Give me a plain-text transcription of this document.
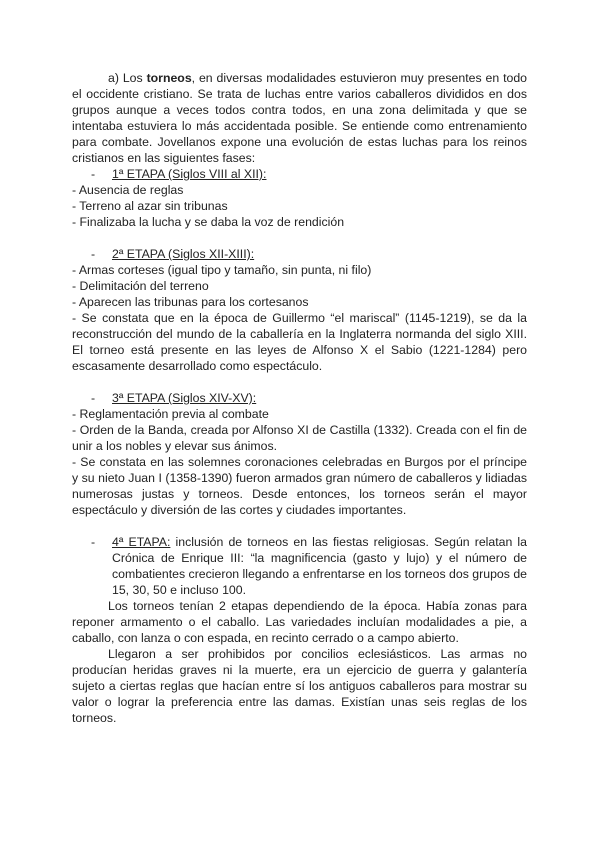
a) Los torneos, en diversas modalidades estuvieron muy presentes en todo el occidente cristiano. Se trata de luchas entre varios caballeros divididos en dos grupos aunque a veces todos contra todos, en una zona delimitada y que se intentaba estuviera lo más accidentada posible. Se entiende como entrenamiento para combate. Jovellanos expone una evolución de estas luchas para los reinos cristianos en las siguientes fases:

- 1ª ETAPA (Siglos VIII al XII):
- Ausencia de reglas
- Terreno al azar sin tribunas
- Finalizaba la lucha y se daba la voz de rendición
- 2ª ETAPA (Siglos XII-XIII):
- Armas corteses (igual tipo y tamaño, sin punta, ni filo)
- Delimitación del terreno
- Aparecen las tribunas para los cortesanos

- Se constata que en la época de Guillermo “el mariscal” (1145-1219), se da la reconstrucción del mundo de la caballería en la Inglaterra normanda del siglo XIII. El torneo está presente en las leyes de Alfonso X el Sabio (1221-1284) pero escasamente desarrollado como espectáculo.

- 3ª ETAPA (Siglos XIV-XV):
- Reglamentación previa al combate

- Orden de la Banda, creada por Alfonso XI de Castilla (1332). Creada con el fin de unir a los nobles y elevar sus ánimos.

- Se constata en las solemnes coronaciones celebradas en Burgos por el príncipe y su nieto Juan I (1358-1390) fueron armados gran número de caballeros y lidiadas numerosas justas y torneos. Desde entonces, los torneos serán el mayor espectáculo y diversión de las cortes y ciudades importantes.

- 4ª ETAPA: inclusión de torneos en las fiestas religiosas. Según relatan la Crónica de Enrique III: “la magnificencia (gasto y lujo) y el número de combatientes crecieron llegando a enfrentarse en los torneos dos grupos de 15, 30, 50 e incluso 100.

Los torneos tenían 2 etapas dependiendo de la época. Había zonas para reponer armamento o el caballo. Las variedades incluían modalidades a pie, a caballo, con lanza o con espada, en recinto cerrado o a campo abierto.

Llegaron a ser prohibidos por concilios eclesiásticos. Las armas no producían heridas graves ni la muerte, era un ejercicio de guerra y galantería sujeto a ciertas reglas que hacían entre sí los antiguos caballeros para mostrar su valor o lograr la preferencia entre las damas. Existían unas seis reglas de los torneos.
